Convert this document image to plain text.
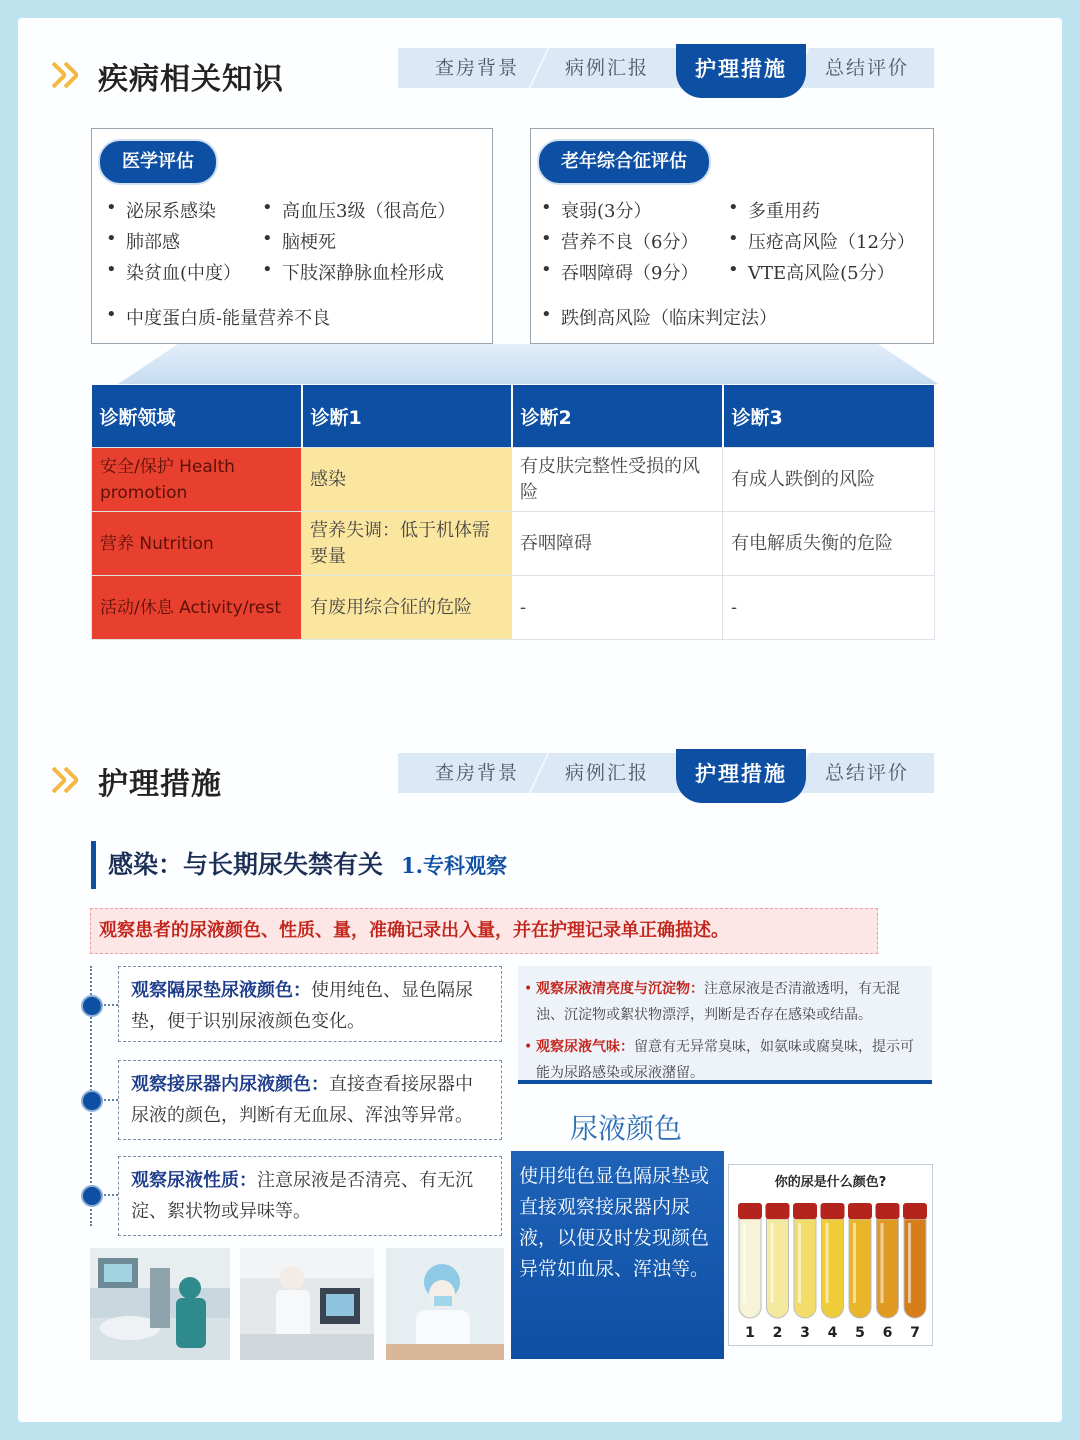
疾病相关知识	查房背景	病例汇报	护理措施	总结评价
医学评估
• 泌尿系感染
• 肺部感
• 染贫血(中度）
• 高血压3级（很高危）
• 脑梗死
• 下肢深静脉血栓形成
• 中度蛋白质-能量营养不良
老年综合征评估
• 衰弱(3分）
• 营养不良（6分）
• 吞咽障碍（9分）
• 多重用药
• 压疮高风险（12分）
• VTE高风险(5分）
• 跌倒高风险（临床判定法）
诊断领域	诊断1	诊断2	诊断3
安全/保护 Health promotion	感染	有皮肤完整性受损的风险	有成人跌倒的风险
营养 Nutrition	营养失调：低于机体需要量	吞咽障碍	有电解质失衡的危险
活动/休息 Activity/rest	有废用综合征的危险	-	-
护理措施	查房背景	病例汇报	护理措施	总结评价
感染：与长期尿失禁有关 1.专科观察
观察患者的尿液颜色、性质、量，准确记录出入量，并在护理记录单正确描述。
观察隔尿垫尿液颜色：使用纯色、显色隔尿垫，便于识别尿液颜色变化。
观察接尿器内尿液颜色：直接查看接尿器中尿液的颜色，判断有无血尿、浑浊等异常。
观察尿液性质：注意尿液是否清亮、有无沉淀、絮状物或异味等。
• 观察尿液清亮度与沉淀物：注意尿液是否清澈透明，有无混浊、沉淀物或絮状物漂浮，判断是否存在感染或结晶。
• 观察尿液气味：留意有无异常臭味，如氨味或腐臭味，提示可能为尿路感染或尿液潴留。
尿液颜色
使用纯色显色隔尿垫或直接观察接尿器内尿液，以便及时发现颜色异常如血尿、浑浊等。
你的尿是什么颜色?
1 2 3 4 5 6 7
